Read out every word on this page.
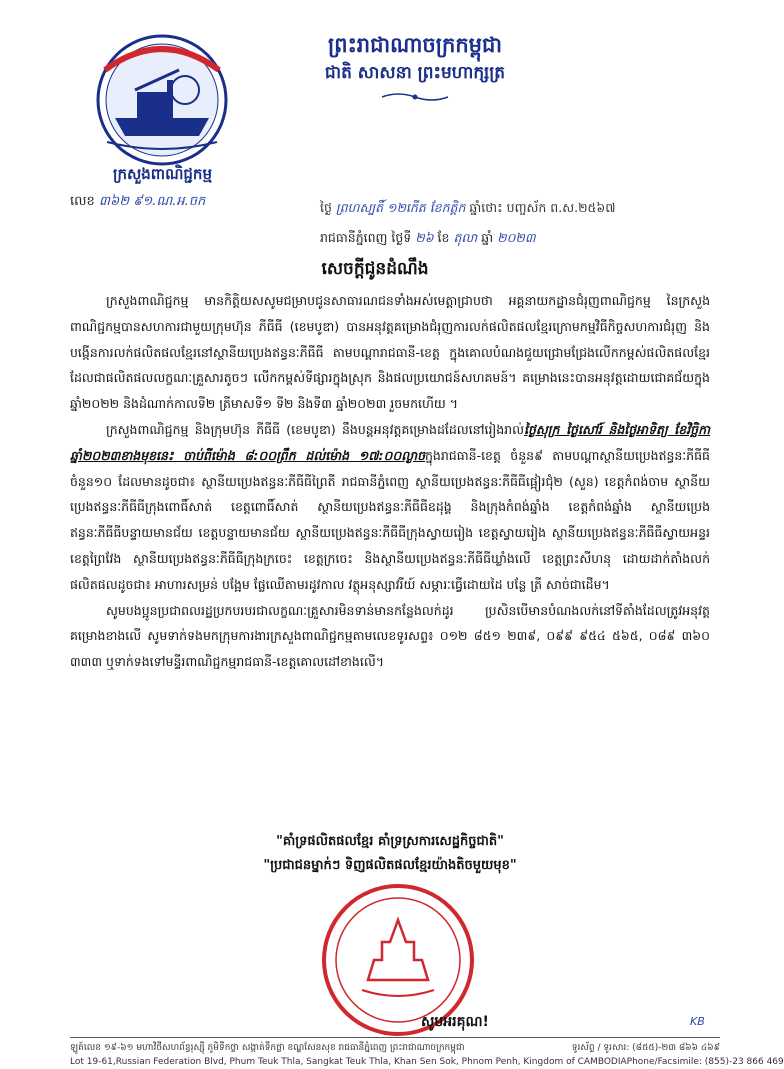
ព្រះរាជាណាចក្រកម្ពុជា
ជាតិ សាសនា ព្រះមហាក្សត្រ
ក្រសួងពាណិជ្ជកម្ម
លេខ ៣៦២ ៩១.ណ.អ.ចក	ថ្ងៃ ព្រហស្បតិ៍ ១២កើត ខែកត្តិក ឆ្នាំថោះ បញ្ចស័ក ព.ស.២៥៦៧
រាជធានីភ្នំពេញ ថ្ងៃទី ២៦ ខែ តុលា ឆ្នាំ ២០២៣
សេចក្តីជូនដំណឹង

ក្រសួងពាណិជ្ជកម្ម មានកិត្តិយសសូមជម្រាបជូនសាធារណជនទាំងអស់មេត្តាជ្រាបថា អគ្គនាយកដ្ឋានជំរុញពាណិជ្ជកម្ម នៃក្រសួងពាណិជ្ជកម្មបានសហការជាមួយក្រុមហ៊ុន ភីធីធី (ខេមបូឌា) បានអនុវត្តគម្រោងជំរុញការលក់ផលិតផលខ្មែរក្រោមកម្មវិធីកិច្ចសហការជំរុញ និងបង្កើនការលក់ផលិតផលខ្មែរនៅស្ថានីយប្រេងឥន្ធនៈភីធីធី តាមបណ្ដារាជធានី-ខេត្ត ក្នុងគោលបំណងជួយជ្រោមជ្រែងលើកកម្ពស់ផលិតផលខ្មែរដែលជាផលិតផលលក្ខណៈគ្រួសារតូចៗ លើកកម្ពស់ទីផ្សារក្នុងស្រុក និងផលប្រយោជន៍សហគមន៍។ គម្រោងនេះបានអនុវត្តដោយជោគជ័យក្នុងឆ្នាំ២០២២ និងដំណាក់កាលទី២ ត្រីមាសទី១ ទី២ និងទី៣ ឆ្នាំ២០២៣ រួចមកហើយ ។

ក្រសួងពាណិជ្ជកម្ម និងក្រុមហ៊ុន ភីធីធី (ខេមបូឌា) នឹងបន្តអនុវត្តគម្រោងដដែលនៅរៀងរាល់ថ្ងៃសុក្រ ថ្ងៃសៅរ៍ និងថ្ងៃអាទិត្យ ខែវិច្ឆិកា ឆ្នាំ២០២៣ខាងមុខនេះ ចាប់ពីម៉ោង ៨:០០ព្រឹក ដល់ម៉ោង ១៧:០០ល្ងាចក្នុងរាជធានី-ខេត្ត ចំនួន៩ តាមបណ្ដាស្ថានីយប្រេងឥន្ធនៈភីធីធី ចំនួន១០ ដែលមានដូចជា៖ ស្ថានីយប្រេងឥន្ធនៈភីធីធីព្រៃតី រាជធានីភ្នំពេញ ស្ថានីយប្រេងឥន្ធនៈភីធីធីផ្អៀរជុំ២ (សួន) ខេត្តកំពង់ចាម ស្ថានីយប្រេងឥន្ធនៈភីធីធីក្រុងពោធិ៍សាត់ ខេត្តពោធិ៍សាត់ ស្ថានីយប្រេងឥន្ធនៈភីធីធីឧដុង្គ និងក្រុងកំពង់ឆ្នាំង ខេត្តកំពង់ឆ្នាំង ស្ថានីយប្រេងឥន្ធនៈភីធីធីបន្ទាយមានជ័យ ខេត្តបន្ទាយមានជ័យ ស្ថានីយប្រេងឥន្ធនៈភីធីធីក្រុងស្វាយរៀង ខេត្តស្វាយរៀង ស្ថានីយប្រេងឥន្ធនៈភីធីធីស្វាយអន្ទរ ខេត្តព្រៃវែង ស្ថានីយប្រេងឥន្ធនៈភីធីធីក្រុងក្រចេះ ខេត្តក្រចេះ និងស្ថានីយប្រេងឥន្ធនៈភីធីធីឃ្លាំងលើ ខេត្តព្រះសីហនុ ដោយដាក់តាំងលក់ផលិតផលដូចជា៖ អាហារសម្រន់ បង្អែម ផ្លែឈើតាមរដូវកាល វត្ថុអនុស្សាវរីយ៍ សម្ភារៈធ្វើដោយដៃ បន្លែ ត្រី សាច់ជាដើម។

សូមបងប្អូនប្រជាពលរដ្ឋប្រកបរបរជាលក្ខណៈគ្រួសារមិនទាន់មានកន្លែងលក់ដូរ ប្រសិនបើមានបំណងលក់នៅទីតាំងដែលត្រូវអនុវត្តគម្រោងខាងលើ សូមទាក់ទងមកក្រុមការងារក្រសួងពាណិជ្ជកម្មតាមលេខទូរសព្ទ៖ ០១២ ៨៥១ ២៣៩, ០៩៩ ៩៥៤ ៥៦៥, ០៨៩ ៣៦០ ៣៣៣ ឬទាក់ទងទៅមន្ទីរពាណិជ្ជកម្មរាជធានី-ខេត្តគោលដៅខាងលើ។

"គាំទ្រផលិតផលខ្មែរ គាំទ្រស្រការសេដ្ឋកិច្ចជាតិ"
"ប្រជាជនម្នាក់ៗ ទិញផលិតផលខ្មែរយ៉ាងតិចមួយមុខ"
សូមអរគុណ!	KB
ឡូត៍លេខ ១៩-៦១ មហាវិថីសហព័ន្ធរុស្ស៊ី ភូមិទឹកថ្លា សង្កាត់ទឹកថ្លា ខណ្ឌសែនសុខ រាជធានីភ្នំពេញ ព្រះរាជាណាចក្រកម្ពុជា	ទូរស័ព្ទ / ទូរសារ: (៨៥៥)-២៣ ៨៦៦ ៤៦៩
Lot 19-61,Russian Federation Blvd, Phum Teuk Thla, Sangkat Teuk Thla, Khan Sen Sok, Phnom Penh, Kingdom of CAMBODIA Phone/Facsimile: (855)-23 866 469
